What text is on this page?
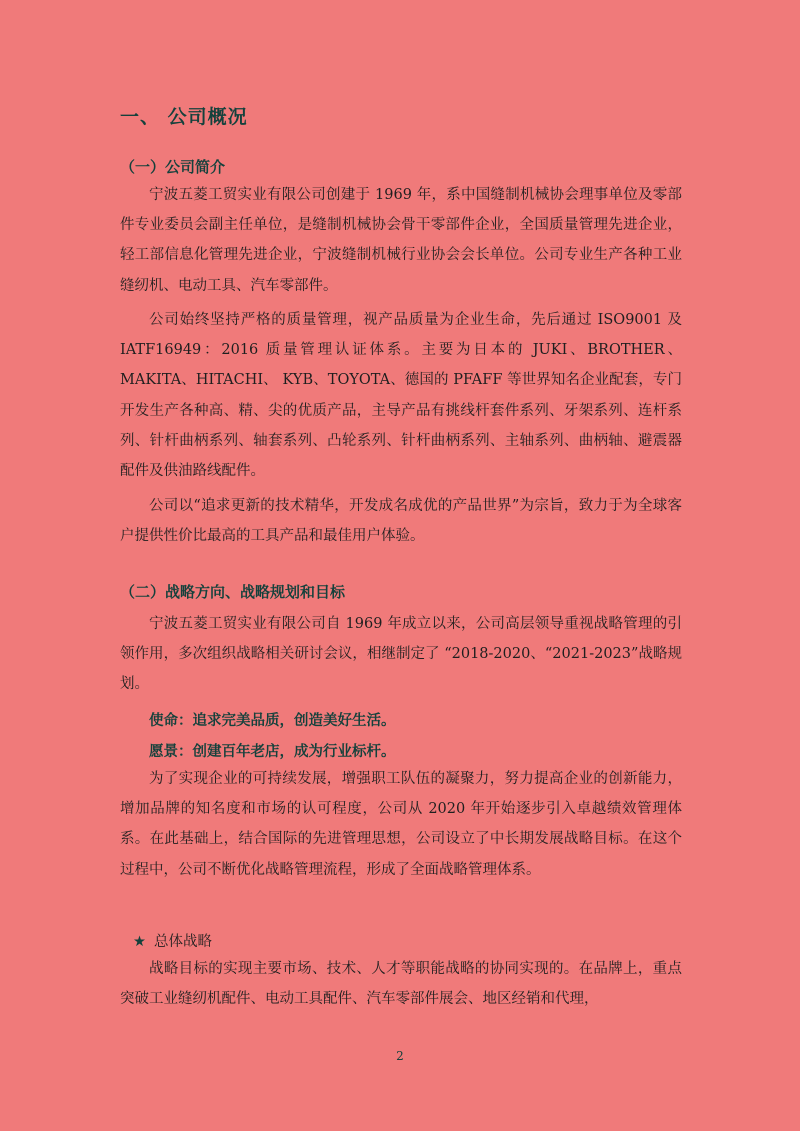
一、 公司概况
（一）公司简介

宁波五菱工贸实业有限公司创建于 1969 年，系中国缝制机械协会理事单位及零部件专业委员会副主任单位，是缝制机械协会骨干零部件企业，全国质量管理先进企业，轻工部信息化管理先进企业，宁波缝制机械行业协会会长单位。公司专业生产各种工业缝纫机、电动工具、汽车零部件。

公司始终坚持严格的质量管理，视产品质量为企业生命，先后通过 ISO9001 及 IATF16949：2016 质量管理认证体系。主要为日本的 JUKI、BROTHER、MAKITA、HITACHI、 KYB、TOYOTA、德国的 PFAFF 等世界知名企业配套，专门开发生产各种高、精、尖的优质产品，主导产品有挑线杆套件系列、牙架系列、连杆系列、针杆曲柄系列、轴套系列、凸轮系列、针杆曲柄系列、主轴系列、曲柄轴、避震器配件及供油路线配件。

公司以“追求更新的技术精华，开发成名成优的产品世界”为宗旨，致力于为全球客户提供性价比最高的工具产品和最佳用户体验。

（二）战略方向、战略规划和目标

宁波五菱工贸实业有限公司自 1969 年成立以来，公司高层领导重视战略管理的引领作用，多次组织战略相关研讨会议，相继制定了 “2018-2020、“2021-2023”战略规划。

使命：追求完美品质，创造美好生活。
愿景：创建百年老店，成为行业标杆。

为了实现企业的可持续发展，增强职工队伍的凝聚力，努力提高企业的创新能力，增加品牌的知名度和市场的认可程度，公司从 2020 年开始逐步引入卓越绩效管理体系。在此基础上，结合国际的先进管理思想，公司设立了中长期发展战略目标。在这个过程中，公司不断优化战略管理流程，形成了全面战略管理体系。

★ 总体战略

战略目标的实现主要市场、技术、人才等职能战略的协同实现的。在品牌上，重点突破工业缝纫机配件、电动工具配件、汽车零部件展会、地区经销和代理，

2
